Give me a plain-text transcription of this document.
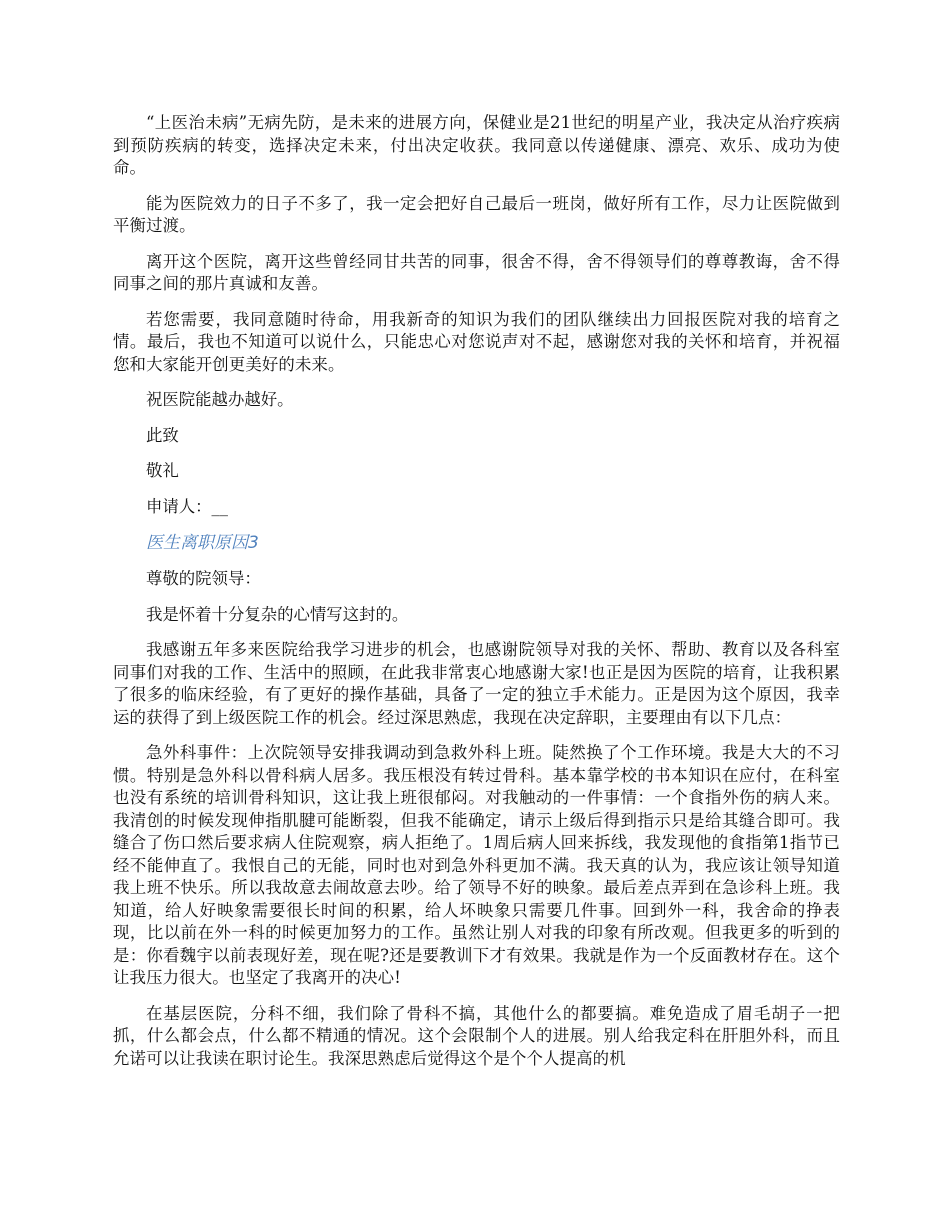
“上医治未病”无病先防，是未来的进展方向，保健业是21世纪的明星产业，我决定从治疗疾病到预防疾病的转变，选择决定未来，付出决定收获。我同意以传递健康、漂亮、欢乐、成功为使命。

能为医院效力的日子不多了，我一定会把好自己最后一班岗，做好所有工作，尽力让医院做到平衡过渡。

离开这个医院，离开这些曾经同甘共苦的同事，很舍不得，舍不得领导们的尊尊教诲，舍不得同事之间的那片真诚和友善。

若您需要，我同意随时待命，用我新奇的知识为我们的团队继续出力回报医院对我的培育之情。最后，我也不知道可以说什么，只能忠心对您说声对不起，感谢您对我的关怀和培育，并祝福您和大家能开创更美好的未来。

祝医院能越办越好。

此致

敬礼

申请人：__

医生离职原因3

尊敬的院领导：

我是怀着十分复杂的心情写这封的。

我感谢五年多来医院给我学习进步的机会，也感谢院领导对我的关怀、帮助、教育以及各科室同事们对我的工作、生活中的照顾，在此我非常衷心地感谢大家!也正是因为医院的培育，让我积累了很多的临床经验，有了更好的操作基础，具备了一定的独立手术能力。正是因为这个原因，我幸运的获得了到上级医院工作的机会。经过深思熟虑，我现在决定辞职，主要理由有以下几点：

急外科事件：上次院领导安排我调动到急救外科上班。陡然换了个工作环境。我是大大的不习惯。特别是急外科以骨科病人居多。我压根没有转过骨科。基本靠学校的书本知识在应付，在科室也没有系统的培训骨科知识，这让我上班很郁闷。对我触动的一件事情：一个食指外伤的病人来。我清创的时候发现伸指肌腱可能断裂，但我不能确定，请示上级后得到指示只是给其缝合即可。我缝合了伤口然后要求病人住院观察，病人拒绝了。1周后病人回来拆线，我发现他的食指第1指节已经不能伸直了。我恨自己的无能，同时也对到急外科更加不满。我天真的认为，我应该让领导知道我上班不快乐。所以我故意去闹故意去吵。给了领导不好的映象。最后差点弄到在急诊科上班。我知道，给人好映象需要很长时间的积累，给人坏映象只需要几件事。回到外一科，我舍命的挣表现，比以前在外一科的时候更加努力的工作。虽然让别人对我的印象有所改观。但我更多的听到的是：你看魏宇以前表现好差，现在呢?还是要教训下才有效果。我就是作为一个反面教材存在。这个让我压力很大。也坚定了我离开的决心!

在基层医院，分科不细，我们除了骨科不搞，其他什么的都要搞。难免造成了眉毛胡子一把抓，什么都会点，什么都不精通的情况。这个会限制个人的进展。别人给我定科在肝胆外科，而且允诺可以让我读在职讨论生。我深思熟虑后觉得这个是个个人提高的机
